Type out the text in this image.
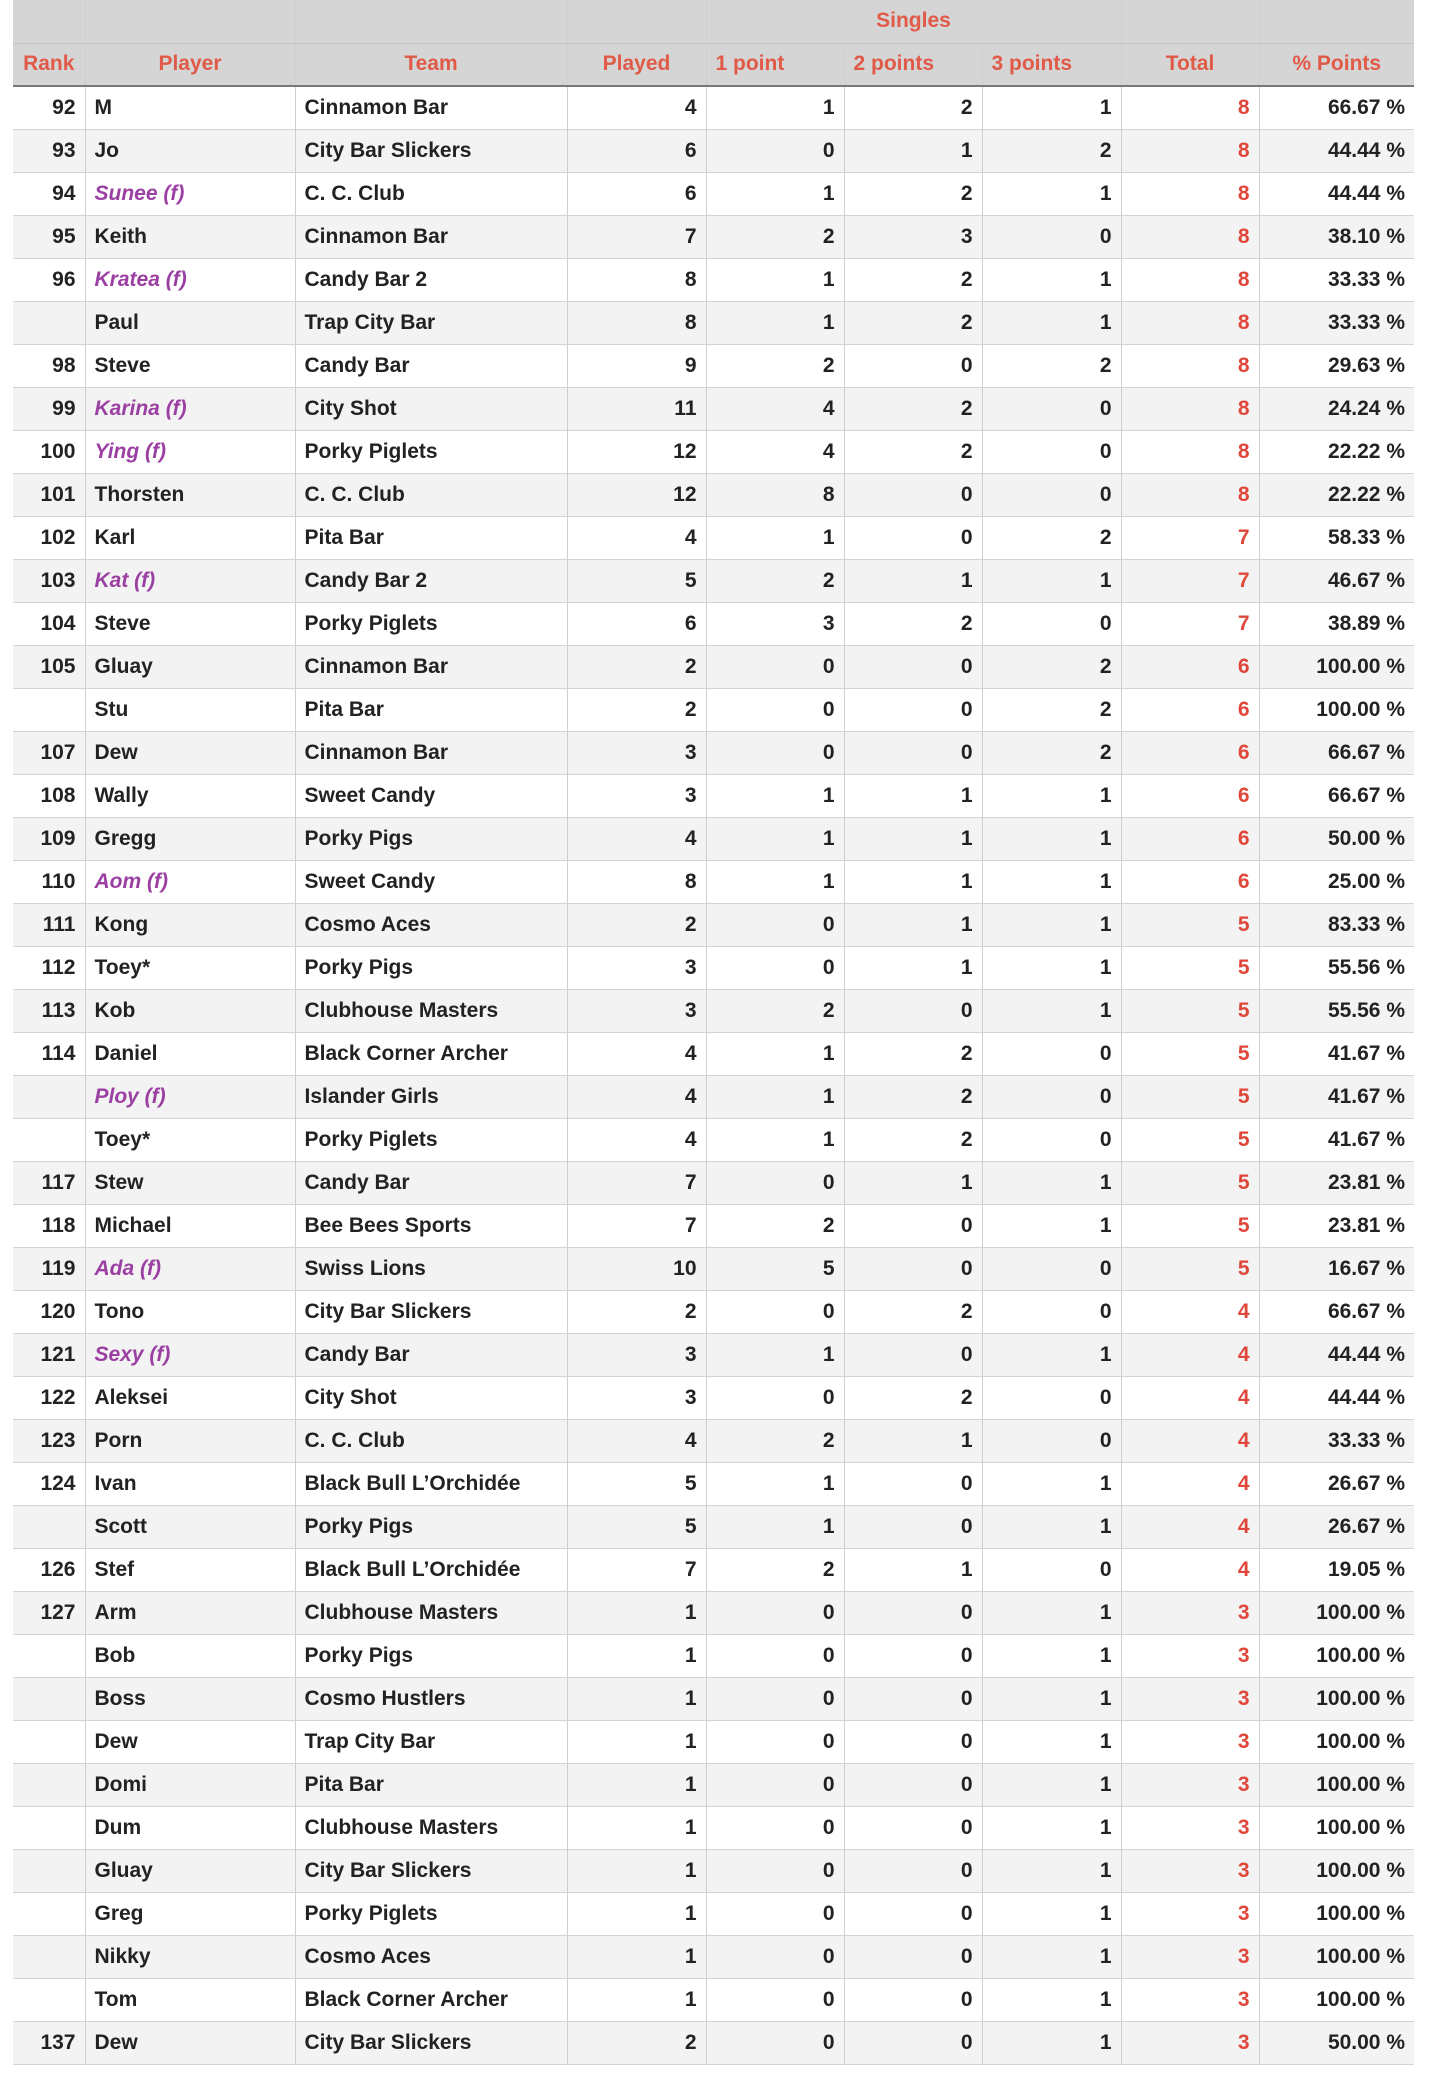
				Singles				
Rank	Player	Team	Played	1 point	2 points	3 points	Total	% Points
92	M	Cinnamon Bar	4	1	2	1	8	66.67 %
93	Jo	City Bar Slickers	6	0	1	2	8	44.44 %
94	Sunee (f)	C. C. Club	6	1	2	1	8	44.44 %
95	Keith	Cinnamon Bar	7	2	3	0	8	38.10 %
96	Kratea (f)	Candy Bar 2	8	1	2	1	8	33.33 %
	Paul	Trap City Bar	8	1	2	1	8	33.33 %
98	Steve	Candy Bar	9	2	0	2	8	29.63 %
99	Karina (f)	City Shot	11	4	2	0	8	24.24 %
100	Ying (f)	Porky Piglets	12	4	2	0	8	22.22 %
101	Thorsten	C. C. Club	12	8	0	0	8	22.22 %
102	Karl	Pita Bar	4	1	0	2	7	58.33 %
103	Kat (f)	Candy Bar 2	5	2	1	1	7	46.67 %
104	Steve	Porky Piglets	6	3	2	0	7	38.89 %
105	Gluay	Cinnamon Bar	2	0	0	2	6	100.00 %
	Stu	Pita Bar	2	0	0	2	6	100.00 %
107	Dew	Cinnamon Bar	3	0	0	2	6	66.67 %
108	Wally	Sweet Candy	3	1	1	1	6	66.67 %
109	Gregg	Porky Pigs	4	1	1	1	6	50.00 %
110	Aom (f)	Sweet Candy	8	1	1	1	6	25.00 %
111	Kong	Cosmo Aces	2	0	1	1	5	83.33 %
112	Toey*	Porky Pigs	3	0	1	1	5	55.56 %
113	Kob	Clubhouse Masters	3	2	0	1	5	55.56 %
114	Daniel	Black Corner Archer	4	1	2	0	5	41.67 %
	Ploy (f)	Islander Girls	4	1	2	0	5	41.67 %
	Toey*	Porky Piglets	4	1	2	0	5	41.67 %
117	Stew	Candy Bar	7	0	1	1	5	23.81 %
118	Michael	Bee Bees Sports	7	2	0	1	5	23.81 %
119	Ada (f)	Swiss Lions	10	5	0	0	5	16.67 %
120	Tono	City Bar Slickers	2	0	2	0	4	66.67 %
121	Sexy (f)	Candy Bar	3	1	0	1	4	44.44 %
122	Aleksei	City Shot	3	0	2	0	4	44.44 %
123	Porn	C. C. Club	4	2	1	0	4	33.33 %
124	Ivan	Black Bull L’Orchidée	5	1	0	1	4	26.67 %
	Scott	Porky Pigs	5	1	0	1	4	26.67 %
126	Stef	Black Bull L’Orchidée	7	2	1	0	4	19.05 %
127	Arm	Clubhouse Masters	1	0	0	1	3	100.00 %
	Bob	Porky Pigs	1	0	0	1	3	100.00 %
	Boss	Cosmo Hustlers	1	0	0	1	3	100.00 %
	Dew	Trap City Bar	1	0	0	1	3	100.00 %
	Domi	Pita Bar	1	0	0	1	3	100.00 %
	Dum	Clubhouse Masters	1	0	0	1	3	100.00 %
	Gluay	City Bar Slickers	1	0	0	1	3	100.00 %
	Greg	Porky Piglets	1	0	0	1	3	100.00 %
	Nikky	Cosmo Aces	1	0	0	1	3	100.00 %
	Tom	Black Corner Archer	1	0	0	1	3	100.00 %
137	Dew	City Bar Slickers	2	0	0	1	3	50.00 %
